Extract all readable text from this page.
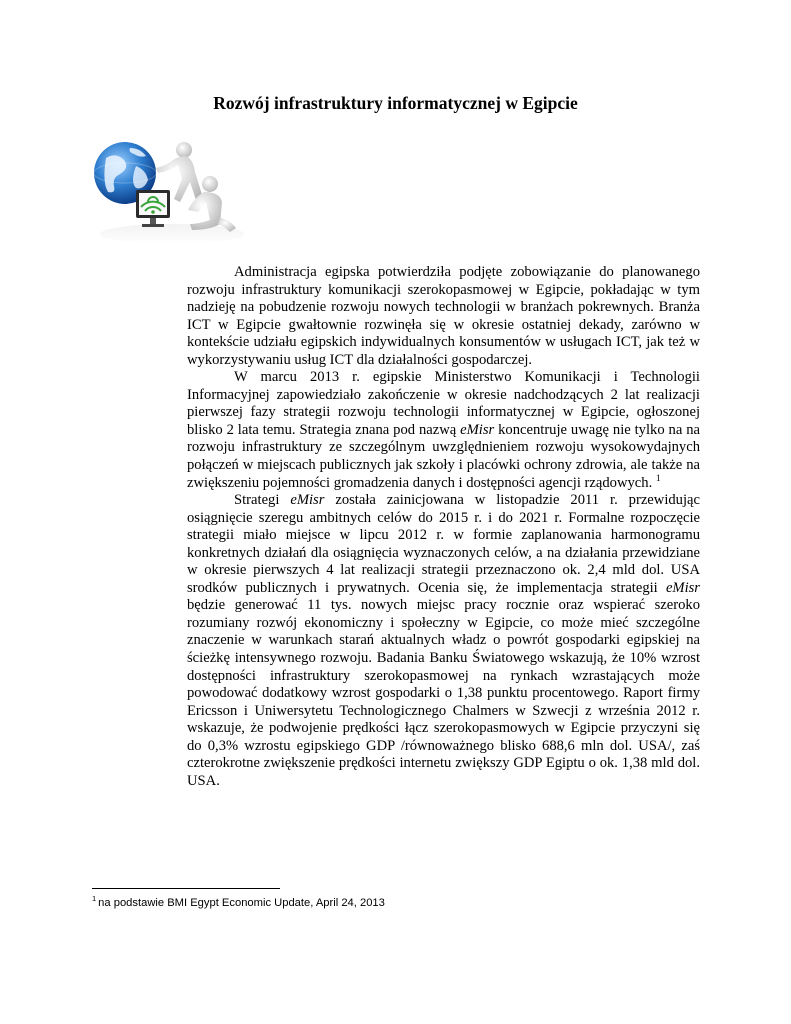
Rozwój infrastruktury informatycznej w Egipcie

Administracja egipska potwierdziła podjęte zobowiązanie do planowanego rozwoju infrastruktury komunikacji szerokopasmowej w Egipcie, pokładając w tym nadzieję na pobudzenie rozwoju nowych technologii w branżach pokrewnych. Branża ICT w Egipcie gwałtownie rozwinęła się w okresie ostatniej dekady, zarówno w kontekście udziału egipskich indywidualnych konsumentów w usługach ICT, jak też w wykorzystywaniu usług ICT dla działalności gospodarczej.

W marcu 2013 r. egipskie Ministerstwo Komunikacji i Technologii Informacyjnej zapowiedziało zakończenie w okresie nadchodzących 2 lat realizacji pierwszej fazy strategii rozwoju technologii informatycznej w Egipcie, ogłoszonej blisko 2 lata temu. Strategia znana pod nazwą eMisr koncentruje uwagę nie tylko na na rozwoju infrastruktury ze szczególnym uwzględnieniem rozwoju wysokowydajnych połączeń w miejscach publicznych jak szkoły i placówki ochrony zdrowia, ale także na zwiększeniu pojemności gromadzenia danych i dostępności agencji rządowych. $^1$

Strategi eMisr została zainicjowana w listopadzie 2011 r. przewidując osiągnięcie szeregu ambitnych celów do 2015 r. i do 2021 r. Formalne rozpoczęcie strategii miało miejsce w lipcu 2012 r. w formie zaplanowania harmonogramu konkretnych działań dla osiągnięcia wyznaczonych celów, a na działania przewidziane w okresie pierwszych 4 lat realizacji strategii przeznaczono ok. 2,4 mld dol. USA srodków publicznych i prywatnych. Ocenia się, że implementacja strategii eMisr będzie generować 11 tys. nowych miejsc pracy rocznie oraz wspierać szeroko rozumiany rozwój ekonomiczny i społeczny w Egipcie, co może mieć szczególne znaczenie w warunkach starań aktualnych władz o powrót gospodarki egipskiej na ścieżkę intensywnego rozwoju. Badania Banku Światowego wskazują, że 10% wzrost dostępności infrastruktury szerokopasmowej na rynkach wzrastających może powodować dodatkowy wzrost gospodarki o 1,38 punktu procentowego. Raport firmy Ericsson i Uniwersytetu Technologicznego Chalmers w Szwecji z września 2012 r. wskazuje, że podwojenie prędkości łącz szerokopasmowych w Egipcie przyczyni się do 0,3% wzrostu egipskiego GDP /równoważnego blisko 688,6 mln dol. USA/, zaś czterokrotne zwiększenie prędkości internetu zwiększy GDP Egiptu o ok. 1,38 mld dol. USA.

$^1$ na podstawie BMI Egypt Economic Update, April 24, 2013
